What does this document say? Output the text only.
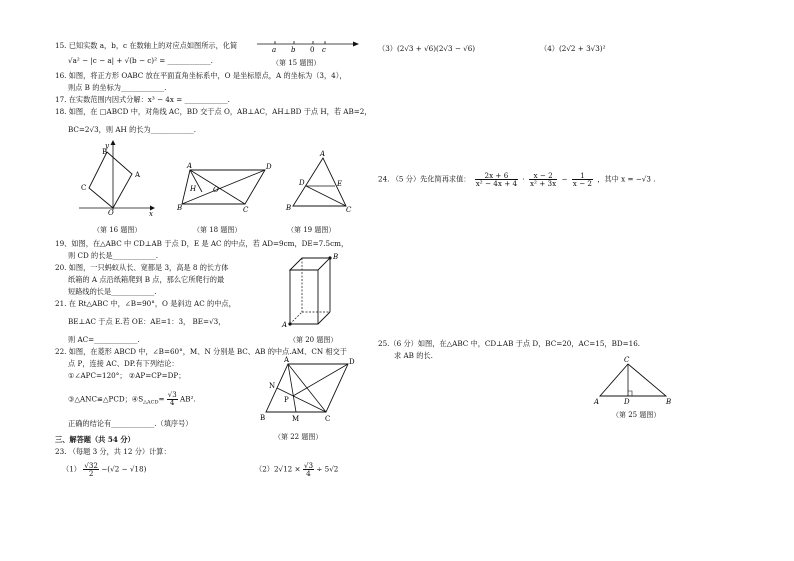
15. 已知实数 a，b，c 在数轴上的对应点如图所示，化简
√a² − |c − a| + √(b − c)² = ____________.
a b 0 c
（第 15 题图）
16. 如图，将正方形 OABC 放在平面直角坐标系中，O 是坐标原点，A 的坐标为（3，4），
则点 B 的坐标为____________.
17. 在实数范围内因式分解：x³ − 4x = ____________.
18. 如图，在 □ABCD 中，对角线 AC，BD 交于点 O，AB⊥AC，AH⊥BD 于点 H，若 AB=2，
BC=2√3，则 AH 的长为____________.
y
B
A
C
O	x
（第 16 题图）
A	D
H O
B	C
（第 18 题图）
A
D	E
B	C
（第 19 题图）
19、如图，在△ABC 中 CD⊥AB 于点 D，E 是 AC 的中点，若 AD=9cm，DE=7.5cm，
则 CD 的长是____________.
20. 如图，一只蚂蚁从长、宽都是 3，高是 8 的长方体
纸箱的 A 点沿纸箱爬到 B 点，那么它所爬行的最
短路线的长是____________.
B
A
（第 20 题图）
21. 在 Rt△ABC 中，∠B=90°，O 是斜边 AC 的中点，
BE⊥AC 于点 E.若 OE：AE=1：3， BE=√3，
则 AC=____________.
22. 如图，在菱形 ABCD 中，∠B=60°，M、N 分别是 BC、AB 的中点.AM、CN 相交于
点 P，连接 AC、DP.有下列结论：
①∠APC=120°； ②AP=CP=DP；
③△ANC≌△PCD；$④S_{\triangle ACD}= \frac{√3}{4} AB^2$.
正确的结论有____________.（填序号）
A	D
N
P
B	M	C
（第 22 题图）
三、解答题（共 54 分）
23. （每题 3 分，共 12 分）计算：
$(1) \frac{√32}{2} -(√2 - √18)$	$(2)2√12 \times \frac{√3}{4} \div 5√2$
（3）(2√3 + √6)(2√3 − √6)	（4）(2√2 + 3√3)²
24. （5 分）先化简再求值： $\frac{2x + 6}{\text{x² − 4x + 4}} \cdot \frac{x - 2}{\text{x² + 3x}} - \frac{1}{x - 2}$ ，其中 x = −√3 .
25.（6 分）如图，在△ABC 中，CD⊥AB 于点 D，BC=20，AC=15，BD=16.
求 AB 的长.	C
A	D	B
（第 25 题图）
